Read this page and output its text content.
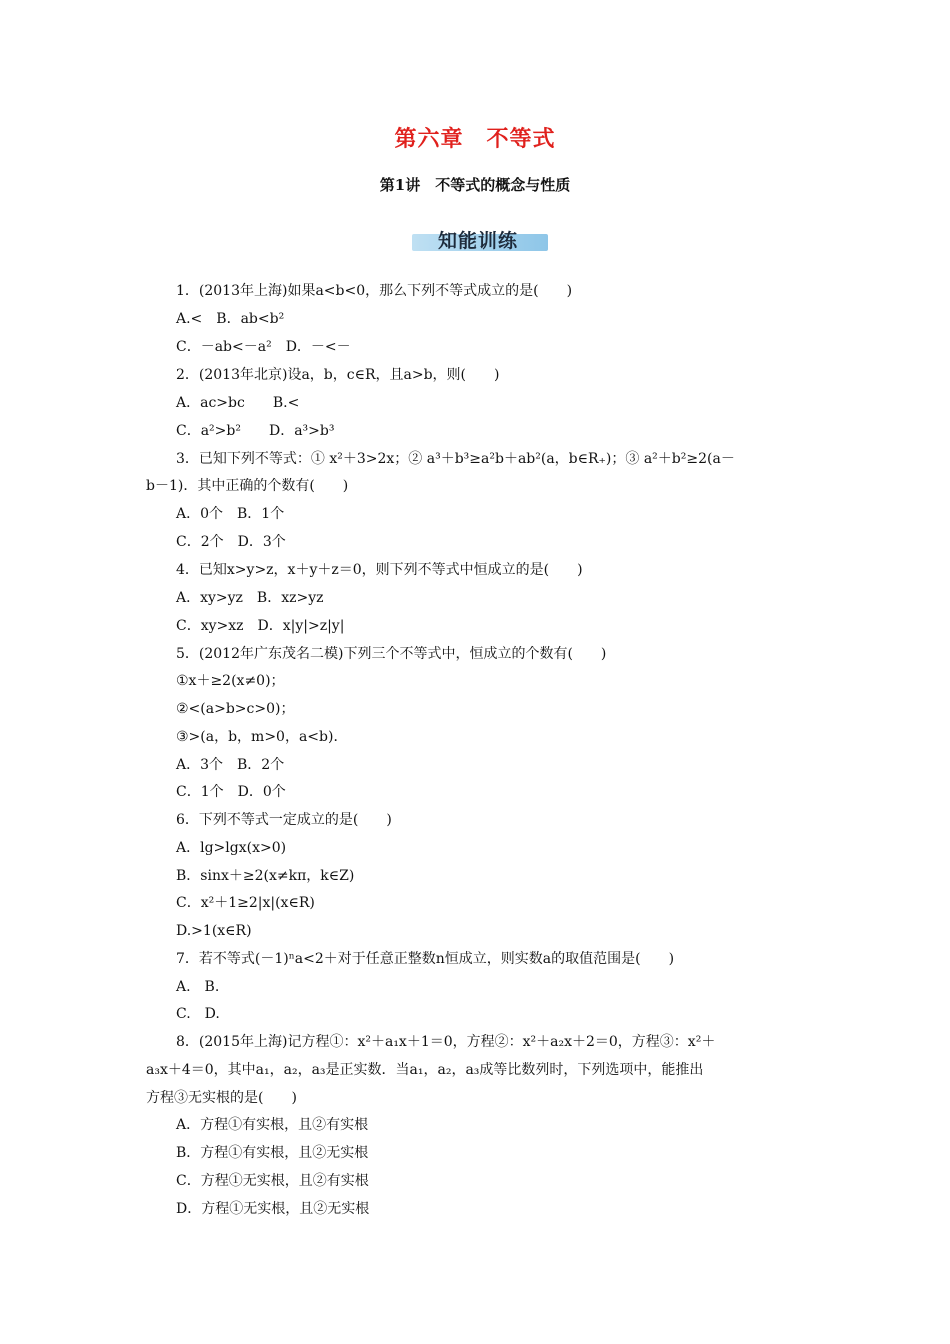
第六章　不等式
第1讲　不等式的概念与性质
知能训练
1．(2013年上海)如果a<b<0，那么下列不等式成立的是(　　)
A.<　B．ab<b²
C．－ab<－a²　D．－<－
2．(2013年北京)设a，b，c∈R，且a>b，则(　　)
A．ac>bc　　B.<
C．a²>b²　　D．a³>b³
3．已知下列不等式：① x²＋3>2x；② a³＋b³≥a²b＋ab²(a，b∈R₊)；③ a²＋b²≥2(a－
b－1)．其中正确的个数有(　　)
A．0个　B．1个
C．2个　D．3个
4．已知x>y>z，x＋y＋z＝0，则下列不等式中恒成立的是(　　)
A．xy>yz　B．xz>yz
C．xy>xz　D．x|y|>z|y|
5．(2012年广东茂名二模)下列三个不等式中，恒成立的个数有(　　)
①x＋≥2(x≠0)；
②<(a>b>c>0)；
③>(a，b，m>0，a<b)．
A．3个　B．2个
C．1个　D．0个
6．下列不等式一定成立的是(　　)
A．lg>lgx(x>0)
B．sinx＋≥2(x≠kπ，k∈Z)
C．x²＋1≥2|x|(x∈R)
D.>1(x∈R)
7．若不等式(－1)ⁿa<2＋对于任意正整数n恒成立，则实数a的取值范围是(　　)
A.　B.
C.　D.
8．(2015年上海)记方程①：x²＋a₁x＋1＝0，方程②：x²＋a₂x＋2＝0，方程③：x²＋
a₃x＋4＝0，其中a₁，a₂，a₃是正实数．当a₁，a₂，a₃成等比数列时，下列选项中，能推出
方程③无实根的是(　　)
A．方程①有实根，且②有实根
B．方程①有实根，且②无实根
C．方程①无实根，且②有实根
D．方程①无实根，且②无实根
